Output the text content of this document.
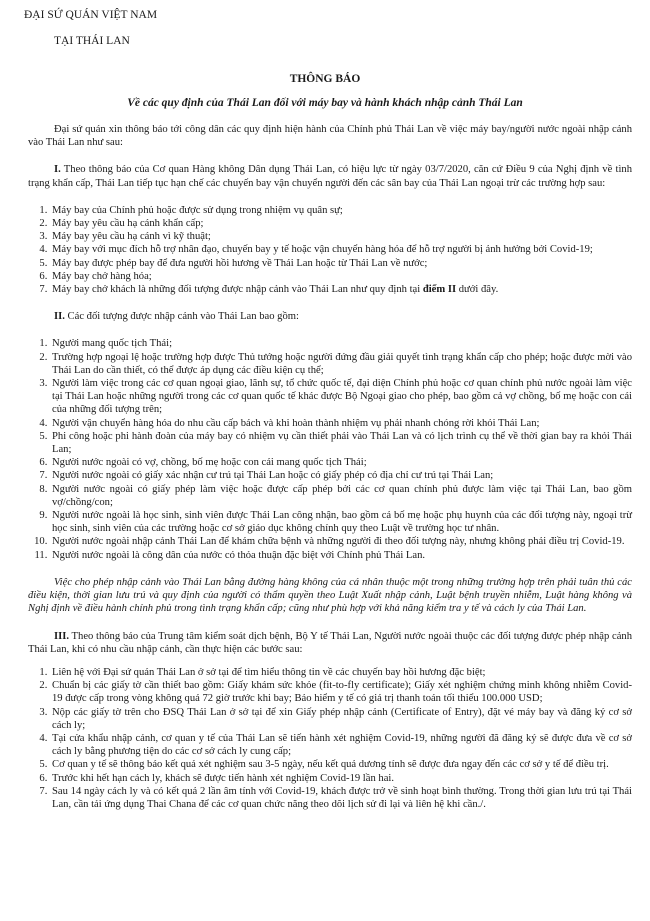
ĐẠI SỨ QUÁN VIỆT NAM
TẠI THÁI LAN
THÔNG BÁO
Về các quy định của Thái Lan đối với máy bay và hành khách nhập cảnh Thái Lan

Đại sứ quán xin thông báo tới công dân các quy định hiện hành của Chính phủ Thái Lan về việc máy bay/người nước ngoài nhập cảnh vào Thái Lan như sau:

I. Theo thông báo của Cơ quan Hàng không Dân dụng Thái Lan, có hiệu lực từ ngày 03/7/2020, căn cứ Điều 9 của Nghị định về tình trạng khẩn cấp, Thái Lan tiếp tục hạn chế các chuyến bay vận chuyển người đến các sân bay của Thái Lan ngoại trừ các trường hợp sau:

1. Máy bay của Chính phủ hoặc được sử dụng trong nhiệm vụ quân sự;
2. Máy bay yêu cầu hạ cánh khẩn cấp;
3. Máy bay yêu cầu hạ cánh vì kỹ thuật;
4. Máy bay với mục đích hỗ trợ nhân đạo, chuyến bay y tế hoặc vận chuyển hàng hóa để hỗ trợ người bị ảnh hưởng bởi Covid-19;
5. Máy bay được phép bay để đưa người hồi hương về Thái Lan hoặc từ Thái Lan về nước;
6. Máy bay chở hàng hóa;
7. Máy bay chở khách là những đối tượng được nhập cảnh vào Thái Lan như quy định tại điểm II dưới đây.

II. Các đối tượng được nhập cảnh vào Thái Lan bao gồm:

1. Người mang quốc tịch Thái;
2. Trường hợp ngoại lệ hoặc trường hợp được Thủ tướng hoặc người đứng đầu giải quyết tình trạng khẩn cấp cho phép; hoặc được mời vào Thái Lan do cần thiết, có thể được áp dụng các điều kiện cụ thể;
3. Người làm việc trong các cơ quan ngoại giao, lãnh sự, tổ chức quốc tế, đại diện Chính phủ hoặc cơ quan chính phủ nước ngoài làm việc tại Thái Lan hoặc những người trong các cơ quan quốc tế khác được Bộ Ngoại giao cho phép, bao gồm cả vợ chồng, bố mẹ hoặc con cái của những đối tượng trên;
4. Người vận chuyển hàng hóa do nhu cầu cấp bách và khi hoàn thành nhiệm vụ phải nhanh chóng rời khỏi Thái Lan;
5. Phi công hoặc phi hành đoàn của máy bay có nhiệm vụ cần thiết phải vào Thái Lan và có lịch trình cụ thể về thời gian bay ra khỏi Thái Lan;
6. Người nước ngoài có vợ, chồng, bố mẹ hoặc con cái mang quốc tịch Thái;
7. Người nước ngoài có giấy xác nhận cư trú tại Thái Lan hoặc có giấy phép có địa chỉ cư trú tại Thái Lan;
8. Người nước ngoài có giấy phép làm việc hoặc được cấp phép bởi các cơ quan chính phủ được làm việc tại Thái Lan, bao gồm vợ/chồng/con;
9. Người nước ngoài là học sinh, sinh viên được Thái Lan công nhận, bao gồm cả bố mẹ hoặc phụ huynh của các đối tượng này, ngoại trừ học sinh, sinh viên của các trường hoặc cơ sở giáo dục không chính quy theo Luật về trường học tư nhân.
10. Người nước ngoài nhập cảnh Thái Lan để khám chữa bệnh và những người đi theo đối tượng này, nhưng không phải điều trị Covid-19.
11. Người nước ngoài là công dân của nước có thỏa thuận đặc biệt với Chính phủ Thái Lan.

Việc cho phép nhập cảnh vào Thái Lan bằng đường hàng không của cá nhân thuộc một trong những trường hợp trên phải tuân thủ các điều kiện, thời gian lưu trú và quy định của người có thẩm quyền theo Luật Xuất nhập cảnh, Luật bệnh truyền nhiễm, Luật hàng không và Nghị định về điều hành chính phủ trong tình trạng khẩn cấp; cũng như phù hợp với khả năng kiểm tra y tế và cách ly của Thái Lan.

III. Theo thông báo của Trung tâm kiểm soát dịch bệnh, Bộ Y tế Thái Lan, Người nước ngoài thuộc các đối tượng được phép nhập cảnh Thái Lan, khi có nhu cầu nhập cảnh, cần thực hiện các bước sau:

1. Liên hệ với Đại sứ quán Thái Lan ở sở tại để tìm hiểu thông tin về các chuyến bay hồi hương đặc biệt;
2. Chuẩn bị các giấy tờ cần thiết bao gồm: Giấy khám sức khỏe (fit-to-fly certificate); Giấy xét nghiệm chứng minh không nhiễm Covid-19 được cấp trong vòng không quá 72 giờ trước khi bay; Bảo hiểm y tế có giá trị thanh toán tối thiểu 100.000 USD;
3. Nộp các giấy tờ trên cho ĐSQ Thái Lan ở sở tại để xin Giấy phép nhập cảnh (Certificate of Entry), đặt vé máy bay và đăng ký cơ sở cách ly;
4. Tại cửa khẩu nhập cảnh, cơ quan y tế của Thái Lan sẽ tiến hành xét nghiệm Covid-19, những người đã đăng ký sẽ được đưa về cơ sở cách ly bằng phương tiện do các cơ sở cách ly cung cấp;
5. Cơ quan y tế sẽ thông báo kết quả xét nghiệm sau 3-5 ngày, nếu kết quả dương tính sẽ được đưa ngay đến các cơ sở y tế để điều trị.
6. Trước khi hết hạn cách ly, khách sẽ được tiến hành xét nghiệm Covid-19 lần hai.
7. Sau 14 ngày cách ly và có kết quả 2 lần âm tính với Covid-19, khách được trở về sinh hoạt bình thường. Trong thời gian lưu trú tại Thái Lan, cần tải ứng dụng Thai Chana để các cơ quan chức năng theo dõi lịch sử đi lại và liên hệ khi cần./.
